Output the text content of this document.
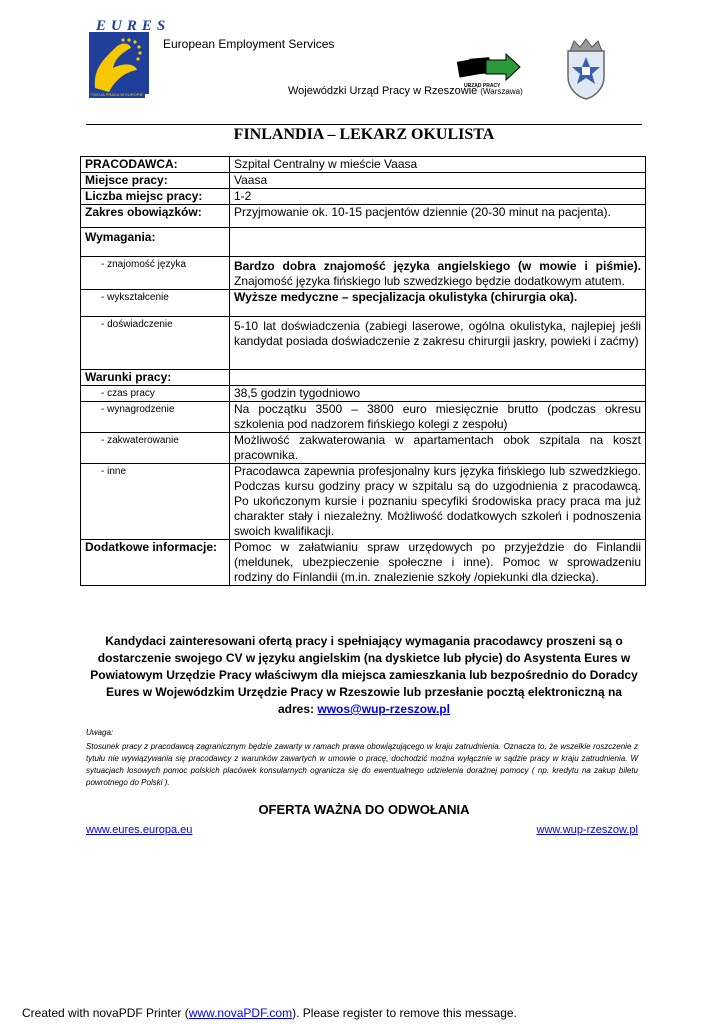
EURES
TWOJA PRACA W EUROPIE
European Employment Services
URZĄD PRACY
Wojewódzki Urząd Pracy w Rzeszowie (Warszawa)
FINLANDIA – LEKARZ OKULISTA
PRACODAWCA:	Szpital Centralny w mieście Vaasa
Miejsce pracy:	Vaasa
Liczba miejsc pracy:	1-2
Zakres obowiązków:	Przyjmowanie ok. 10-15 pacjentów dziennie (20-30 minut na pacjenta).
Wymagania:	
- znajomość języka	Bardzo dobra znajomość języka angielskiego (w mowie i piśmie). Znajomość języka fińskiego lub szwedzkiego będzie dodatkowym atutem.
- wykształcenie	Wyższe medyczne – specjalizacja okulistyka (chirurgia oka).
- doświadczenie	5-10 lat doświadczenia (zabiegi laserowe, ogólna okulistyka, najlepiej jeśli kandydat posiada doświadczenie z zakresu chirurgii jaskry, powieki i zaćmy)
Warunki pracy:	
- czas pracy	38,5 godzin tygodniowo
- wynagrodzenie	Na początku 3500 – 3800 euro miesięcznie brutto (podczas okresu szkolenia pod nadzorem fińskiego kolegi z zespołu)
- zakwaterowanie	Możliwość zakwaterowania w apartamentach obok szpitala na koszt pracownika.
- inne	Pracodawca zapewnia profesjonalny kurs języka fińskiego lub szwedzkiego. Podczas kursu godziny pracy w szpitalu są do uzgodnienia z pracodawcą. Po ukończonym kursie i poznaniu specyfiki środowiska pracy praca ma już charakter stały i niezależny. Możliwość dodatkowych szkoleń i podnoszenia swoich kwalifikacji.
Dodatkowe informacje:	Pomoc w załatwianiu spraw urzędowych po przyjeździe do Finlandii (meldunek, ubezpieczenie społeczne i inne). Pomoc w sprowadzeniu rodziny do Finlandii (m.in. znalezienie szkoły /opiekunki dla dziecka).
Kandydaci zainteresowani ofertą pracy i spełniający wymagania pracodawcy proszeni są o dostarczenie swojego CV w języku angielskim (na dyskietce lub płycie) do Asystenta Eures w Powiatowym Urzędzie Pracy właściwym dla miejsca zamieszkania lub bezpośrednio do Doradcy Eures w Wojewódzkim Urzędzie Pracy w Rzeszowie lub przesłanie pocztą elektroniczną na adres: wwos@wup-rzeszow.pl
Uwaga:
Stosunek pracy z pracodawcą zagranicznym będzie zawarty w ramach prawa obowiązującego w kraju zatrudnienia. Oznacza to, że wszelkie roszczenie z tytułu nie wywiązywania się pracodawcy z warunków zawartych w umowie o pracę, dochodzić można wyłącznie w sądzie pracy w kraju zatrudnienia. W sytuacjach losowych pomoc polskich placówek konsularnych ogranicza się do ewentualnego udzielenia doraźnej pomocy ( np. kredytu na zakup biletu powrotnego do Polski ).
OFERTA WAŻNA DO ODWOŁANIA
www.eures.europa.eu	www.wup-rzeszow.pl
Created with novaPDF Printer (www.novaPDF.com). Please register to remove this message.
